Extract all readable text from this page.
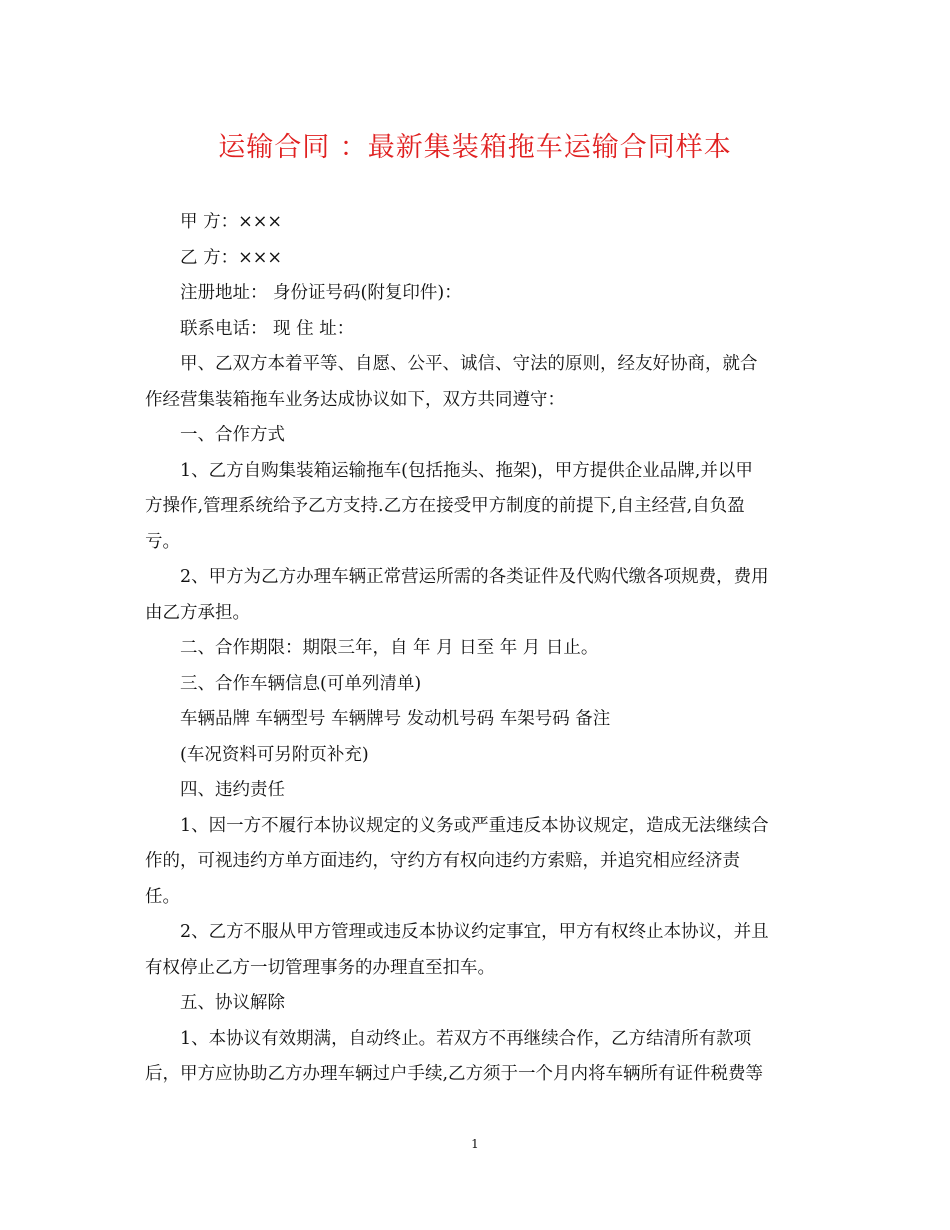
运输合同 ：最新集装箱拖车运输合同样本
甲 方：×××
乙 方：×××
注册地址： 身份证号码(附复印件)：
联系电话： 现 住 址：
甲、乙双方本着平等、自愿、公平、诚信、守法的原则，经友好协商，就合
作经营集装箱拖车业务达成协议如下，双方共同遵守：
一、合作方式
1、乙方自购集装箱运输拖车(包括拖头、拖架)，甲方提供企业品牌,并以甲
方操作,管理系统给予乙方支持.乙方在接受甲方制度的前提下,自主经营,自负盈
亏。
2、甲方为乙方办理车辆正常营运所需的各类证件及代购代缴各项规费，费用
由乙方承担。
二、合作期限：期限三年，自 年 月 日至 年 月 日止。
三、合作车辆信息(可单列清单)
车辆品牌 车辆型号 车辆牌号 发动机号码 车架号码 备注
(车况资料可另附页补充)
四、违约责任
1、因一方不履行本协议规定的义务或严重违反本协议规定，造成无法继续合
作的，可视违约方单方面违约，守约方有权向违约方索赔，并追究相应经济责
任。
2、乙方不服从甲方管理或违反本协议约定事宜，甲方有权终止本协议，并且
有权停止乙方一切管理事务的办理直至扣车。
五、协议解除
1、本协议有效期满，自动终止。若双方不再继续合作，乙方结清所有款项
后，甲方应协助乙方办理车辆过户手续,乙方须于一个月内将车辆所有证件税费等
1
